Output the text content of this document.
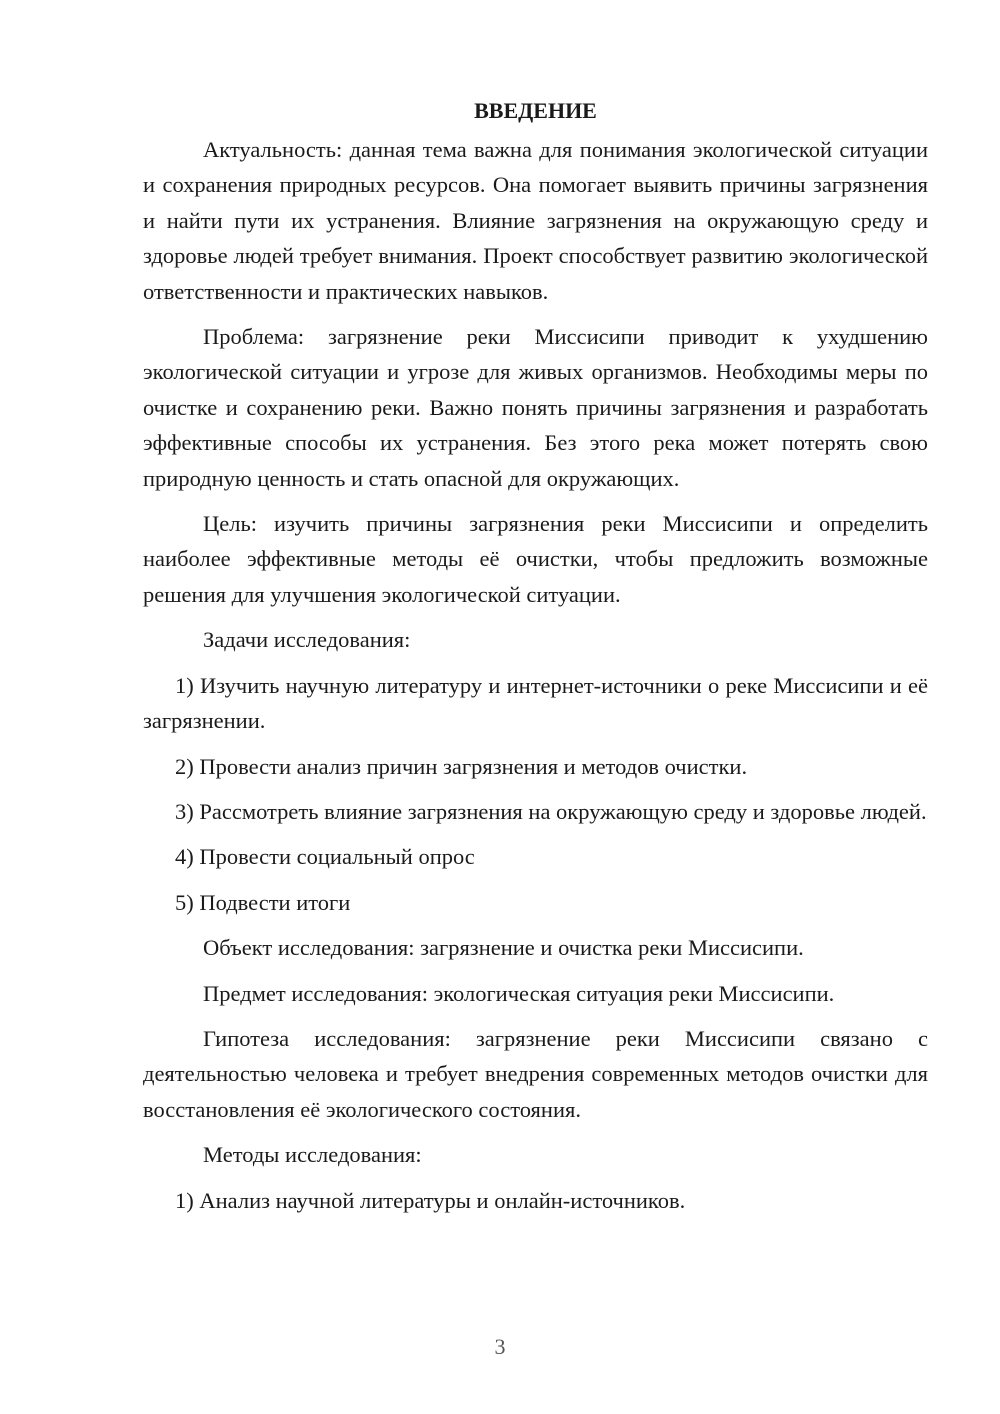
ВВЕДЕНИЕ

Актуальность: данная тема важна для понимания экологической ситуации и сохранения природных ресурсов. Она помогает выявить причины загрязнения и найти пути их устранения. Влияние загрязнения на окружающую среду и здоровье людей требует внимания. Проект способствует развитию экологической ответственности и практических навыков.

Проблема: загрязнение реки Миссисипи приводит к ухудшению экологической ситуации и угрозе для живых организмов. Необходимы меры по очистке и сохранению реки. Важно понять причины загрязнения и разработать эффективные способы их устранения. Без этого река может потерять свою природную ценность и стать опасной для окружающих.

Цель: изучить причины загрязнения реки Миссисипи и определить наиболее эффективные методы её очистки, чтобы предложить возможные решения для улучшения экологической ситуации.

Задачи исследования:

1) Изучить научную литературу и интернет-источники о реке Миссисипи и её загрязнении.

2) Провести анализ причин загрязнения и методов очистки.

3) Рассмотреть влияние загрязнения на окружающую среду и здоровье людей.

4) Провести социальный опрос

5) Подвести итоги

Объект исследования: загрязнение и очистка реки Миссисипи.

Предмет исследования: экологическая ситуация реки Миссисипи.

Гипотеза исследования: загрязнение реки Миссисипи связано с деятельностью человека и требует внедрения современных методов очистки для восстановления её экологического состояния.

Методы исследования:

1) Анализ научной литературы и онлайн-источников.

3
